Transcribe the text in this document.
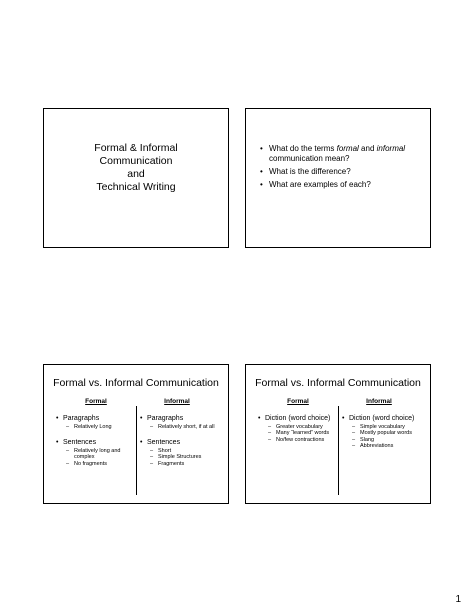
Formal & Informal
Communication
and
Technical Writing
• What do the terms formal and informal communication mean?
• What is the difference?
• What are examples of each?
Formal vs. Informal Communication
Formal	Informal
• Paragraphs
– Relatively Long
• Sentences
– Relatively long and complex
– No fragments
• Paragraphs
– Relatively short, if at all
• Sentences
– Short
– Simple Structures
– Fragments
Formal vs. Informal Communication
Formal	Informal
• Diction (word choice)
– Greater vocabulary
– Many “learned” words
– No/few contractions
• Diction (word choice)
– Simple vocabulary
– Mostly popular words
– Slang
– Abbreviations
1
